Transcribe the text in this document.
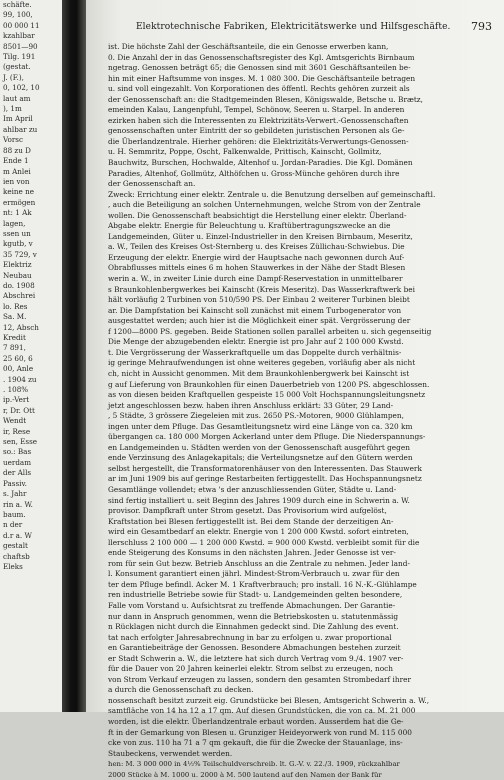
schäfte.
99, 100,
00 000 11
kzahlbar
8501—90
Tilg. 191
(gestat.
J. (F.),
0, 102, 10
laut am
), 1m
Im April
ahlbar zu
Vorsc
88 zu D
Ende 1
m Anlei
ien von
keine ne
ermögen
nt: 1 Ak
lagen,
ssen un
kgutb, v
35 729, v
Elektriz
Neubau
do. 1908
Abschrei
lo. Res
Sa. M.
12, Absch
Kredit
7 891,
25 60, 6
00, Anle
. 1904 zu
. 108%
ip.-Vert
r, Dr. Ott
Wendt
ir, Rese
sen, Esse
so.: Bas
uerdam
der Alls
Passiv.
s. Jahr
rin a. W.
baum.
n der
d.r a. W
gestalt
chaftsb
Eleks
Elektrotechnische Fabriken, Elektricitätswerke und Hilfsgeschäfte. 793
ist. Die höchste Zahl der Geschäftsanteile, die ein Genosse erwerben kann,
0. Die Anzahl der in das Genossenschaftsregister des Kgl. Amtsgerichts Birnbaum
ngetrag. Genossen beträgt 65; die Genossen sind mit 3601 Geschäftsanteilen be-
hin mit einer Haftsumme von insges. M. 1 080 300. Die Geschäftsanteile betragen
u. sind voll eingezahlt. Von Korporationen des öffentl. Rechts gehören zurzeit als
der Genossenschaft an: die Stadtgemeinden Blesen, Königswalde, Betsche u. Brætz,
emeinden Kalau, Langenpfuhl, Tempel, Schönow, Seeren u. Starpel. In anderen
ezirken haben sich die Interessenten zu Elektrizitäts-Verwert.-Genossenschaften
genossenschaften unter Eintritt der so gebildeten juristischen Personen als Ge-
die Überlandzentrale. Hierher gehören: die Elektrizitäts-Verwertungs-Genossen-
u. H. Semmritz, Poppe, Oscht, Falkenwalde, Prittisch, Kainscht, Gollmitz,
Bauchwitz, Burschen, Hochwalde, Altenhof u. Jordan-Paradies. Die Kgl. Domänen
Paradies, Altenhof, Gollmütz, Althöfchen u. Gross-Münche gehören durch ihre
der Genossenschaft an.
Zweck: Errichtung einer elektr. Zentrale u. die Benutzung derselben auf gemeinschaftl.
, auch die Beteiligung an solchen Unternehmungen, welche Strom von der Zentrale
wollen. Die Genossenschaft beabsichtigt die Herstellung einer elektr. Überland-
Abgabe elektr. Energie für Beleuchtung u. Kraftübertragungszwecke an die
Landgemeinden, Güter u. Einzel-Industrieller in den Kreisen Birnbaum, Meseritz,
a. W., Teilen des Kreises Ost-Sternberg u. des Kreises Züllichau-Schwiebus. Die
Erzeugung der elektr. Energie wird der Hauptsache nach gewonnen durch Auf-
Obrabflusses mittels eines 6 m hohen Stauwerkes in der Nähe der Stadt Blesen
werin a. W., in zweiter Linie durch eine Dampf-Reservestation in unmittelbarer
s Braunkohlenbergwerkes bei Kainscht (Kreis Meseritz). Das Wasserkraftwerk bei
hält vorläufig 2 Turbinen von 510/590 PS. Der Einbau 2 weiterer Turbinen bleibt
ar. Die Dampfstation bei Kainscht soll zunächst mit einem Turbogenerator von
ausgestattet werden; auch hier ist die Möglichkeit einer spät. Vergrösserung der
f 1200—8000 PS. gegeben. Beide Stationen sollen parallel arbeiten u. sich gegenseitig
Die Menge der abzugebenden elektr. Energie ist pro Jahr auf 2 100 000 Kwstd.
t. Die Vergrösserung der Wasserkraftquelle um das Doppelte durch verhältnis-
ig geringe Mehraufwendungen ist ohne weiteres gegeben, vorläufig aber als nicht
ch, nicht in Aussicht genommen. Mit dem Braunkohlenbergwerk bei Kainscht ist
g auf Lieferung von Braunkohlen für einen Dauerbetrieb von 1200 PS. abgeschlossen.
as von diesen beiden Kraftquellen gespeiste 15 000 Volt Hochspannungsleitungsnetz
jetzt angeschlossen bezw. haben ihren Anschluss erklärt: 33 Güter, 29 Land-
, 5 Städte, 3 grössere Ziegeleien mit zus. 2650 PS.-Motoren, 9000 Glühlampen,
ingen unter dem Pfluge. Das Gesamtleitungsnetz wird eine Länge von ca. 320 km
übergangen ca. 180 000 Morgen Ackerland unter dem Pfluge. Die Niederspannungs-
en Landgemeinden u. Städten werden von der Genossenschaft ausgeführt gegen
ende Verzinsung des Anlagekapitals; die Verteilungsnetze auf den Gütern werden
selbst hergestellt, die Transformatorenhäuser von den Interessenten. Das Stauwerk
ar im Juni 1909 bis auf geringe Restarbeiten fertiggestellt. Das Hochspannungsnetz
Gesamtlänge vollendet; etwa 's der anzuschliessenden Güter, Städte u. Land-
sind fertig installiert u. seit Beginn des Jahres 1909 durch eine in Schwerin a. W.
provisor. Dampfkraft unter Strom gesetzt. Das Provisorium wird aufgelöst,
Kraftstation bei Blesen fertiggestellt ist. Bei dem Stande der derzeitigen An-
wird ein Gesamtbedarf an elektr. Energie von 1 200 000 Kwstd. sofort eintreten,
llerschluss 2 100 000 — 1 200 000 Kwstd. = 900 000 Kwstd. verbleibt somit für die
ende Steigerung des Konsums in den nächsten Jahren. Jeder Genosse ist ver-
rom für sein Gut bezw. Betrieb Anschluss an die Zentrale zu nehmen. Jeder land-
l. Konsument garantiert einen jährl. Mindest-Strom-Verbrauch u. zwar für den
ter dem Pfluge befindl. Acker M. 1 Kraftverbrauch; pro install. 16 N.-K.-Glühlampe
ren industrielle Betriebe sowie für Stadt- u. Landgemeinden gelten besondere,
Falle vom Vorstand u. Aufsichtsrat zu treffende Abmachungen. Der Garantie-
nur dann in Anspruch genommen, wenn die Betriebskosten u. statutenmässig
n Rücklagen nicht durch die Einnahmen gedeckt sind. Die Zahlung des event.
tat nach erfolgter Jahresabrechnung in bar zu erfolgen u. zwar proportional
en Garantiebeiträge der Genossen. Besondere Abmachungen bestehen zurzeit
er Stadt Schwerin a. W., die letztere hat sich durch Vertrag vom 9./4. 1907 ver-
für die Dauer von 20 Jahren keinerlei elektr. Strom selbst zu erzeugen, noch
von Strom Verkauf erzeugen zu lassen, sondern den gesamten Strombedarf ihrer
a durch die Genossenschaft zu decken.
nossenschaft besitzt zurzeit eig. Grundstücke bei Blesen, Amtsgericht Schwerin a. W.,
samtfläche von 14 ha 12 a 17 qm. Auf diesen Grundstücken, die von ca. M. 21 000
worden, ist die elektr. Überlandzentrale erbaut worden. Ausserdem hat die Ge-
ft in der Gemarkung von Blesen u. Grunziger Heideyorwerk von rund M. 115 000
cke von zus. 110 ha 71 a 7 qm gekauft, die für die Zwecke der Stauanlage, ins-
Staubeckens, verwendet werden.
hen: M. 3 000 000 in 4½% Teilschuldverschreib. lt. G.-V. v. 22./3. 1909, rückzahlbar
2000 Stücke à M. 1000 u. 2000 à M. 500 lautend auf den Namen der Bank für
